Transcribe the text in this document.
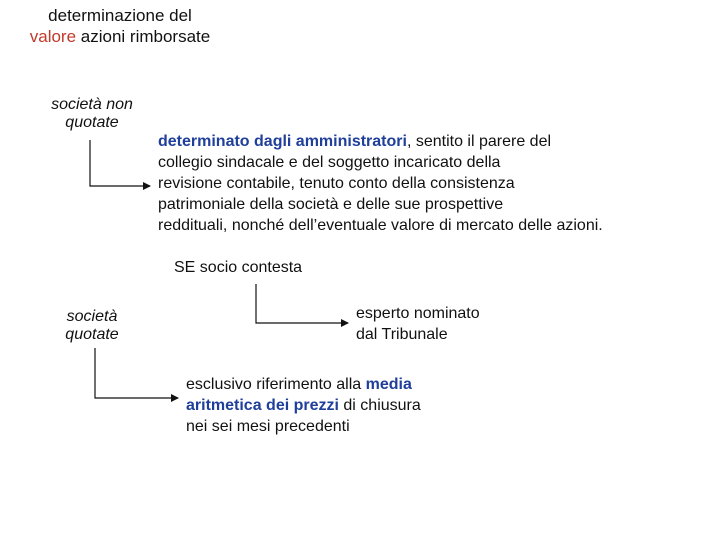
determinazione del
valore azioni rimborsate
società non
quotate
determinato dagli amministratori, sentito il parere del
collegio sindacale e del soggetto incaricato della
revisione contabile, tenuto conto della consistenza
patrimoniale della società e delle sue prospettive
reddituali, nonché dell’eventuale valore di mercato delle azioni.
SE socio contesta
esperto nominato
dal Tribunale
società
quotate
esclusivo riferimento alla media
aritmetica dei prezzi di chiusura
nei sei mesi precedenti
